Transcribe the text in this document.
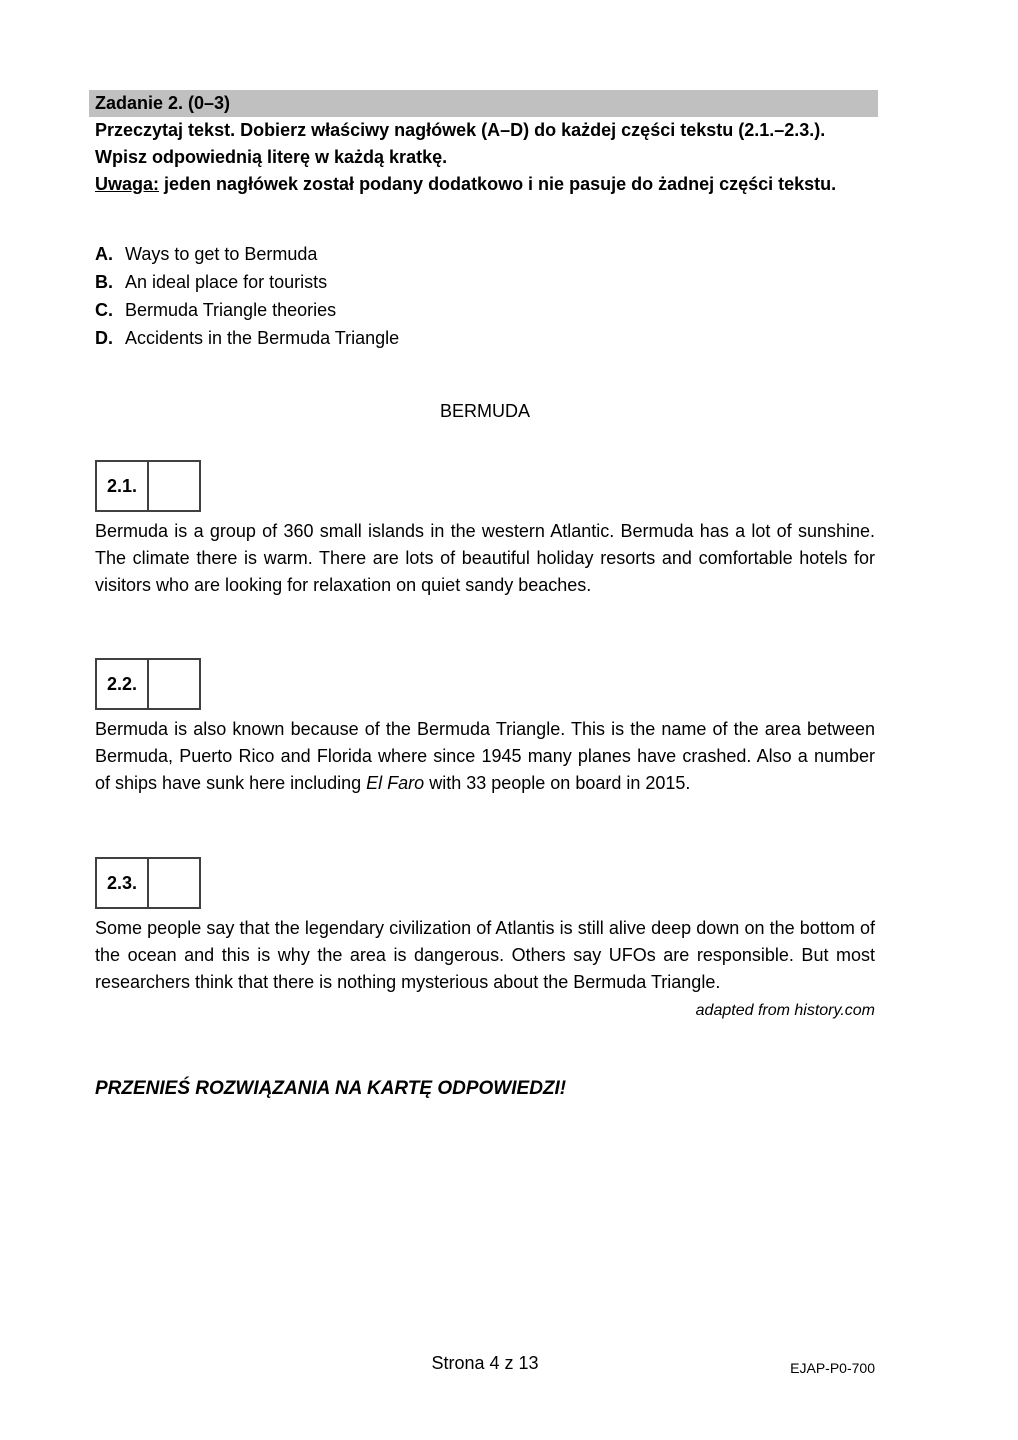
Zadanie 2. (0–3)
Przeczytaj tekst. Dobierz właściwy nagłówek (A–D) do każdej części tekstu (2.1.–2.3.).
Wpisz odpowiednią literę w każdą kratkę.
Uwaga: jeden nagłówek został podany dodatkowo i nie pasuje do żadnej części tekstu.
A. Ways to get to Bermuda
B. An ideal place for tourists
C. Bermuda Triangle theories
D. Accidents in the Bermuda Triangle
BERMUDA
2.1.
Bermuda is a group of 360 small islands in the western Atlantic. Bermuda has a lot of sunshine. The climate there is warm. There are lots of beautiful holiday resorts and comfortable hotels for visitors who are looking for relaxation on quiet sandy beaches.
2.2.
Bermuda is also known because of the Bermuda Triangle. This is the name of the area between Bermuda, Puerto Rico and Florida where since 1945 many planes have crashed. Also a number of ships have sunk here including El Faro with 33 people on board in 2015.
2.3.
Some people say that the legendary civilization of Atlantis is still alive deep down on the bottom of the ocean and this is why the area is dangerous. Others say UFOs are responsible. But most researchers think that there is nothing mysterious about the Bermuda Triangle.
adapted from history.com
PRZENIEŚ ROZWIĄZANIA NA KARTĘ ODPOWIEDZI!
Strona 4 z 13	EJAP-P0-700
